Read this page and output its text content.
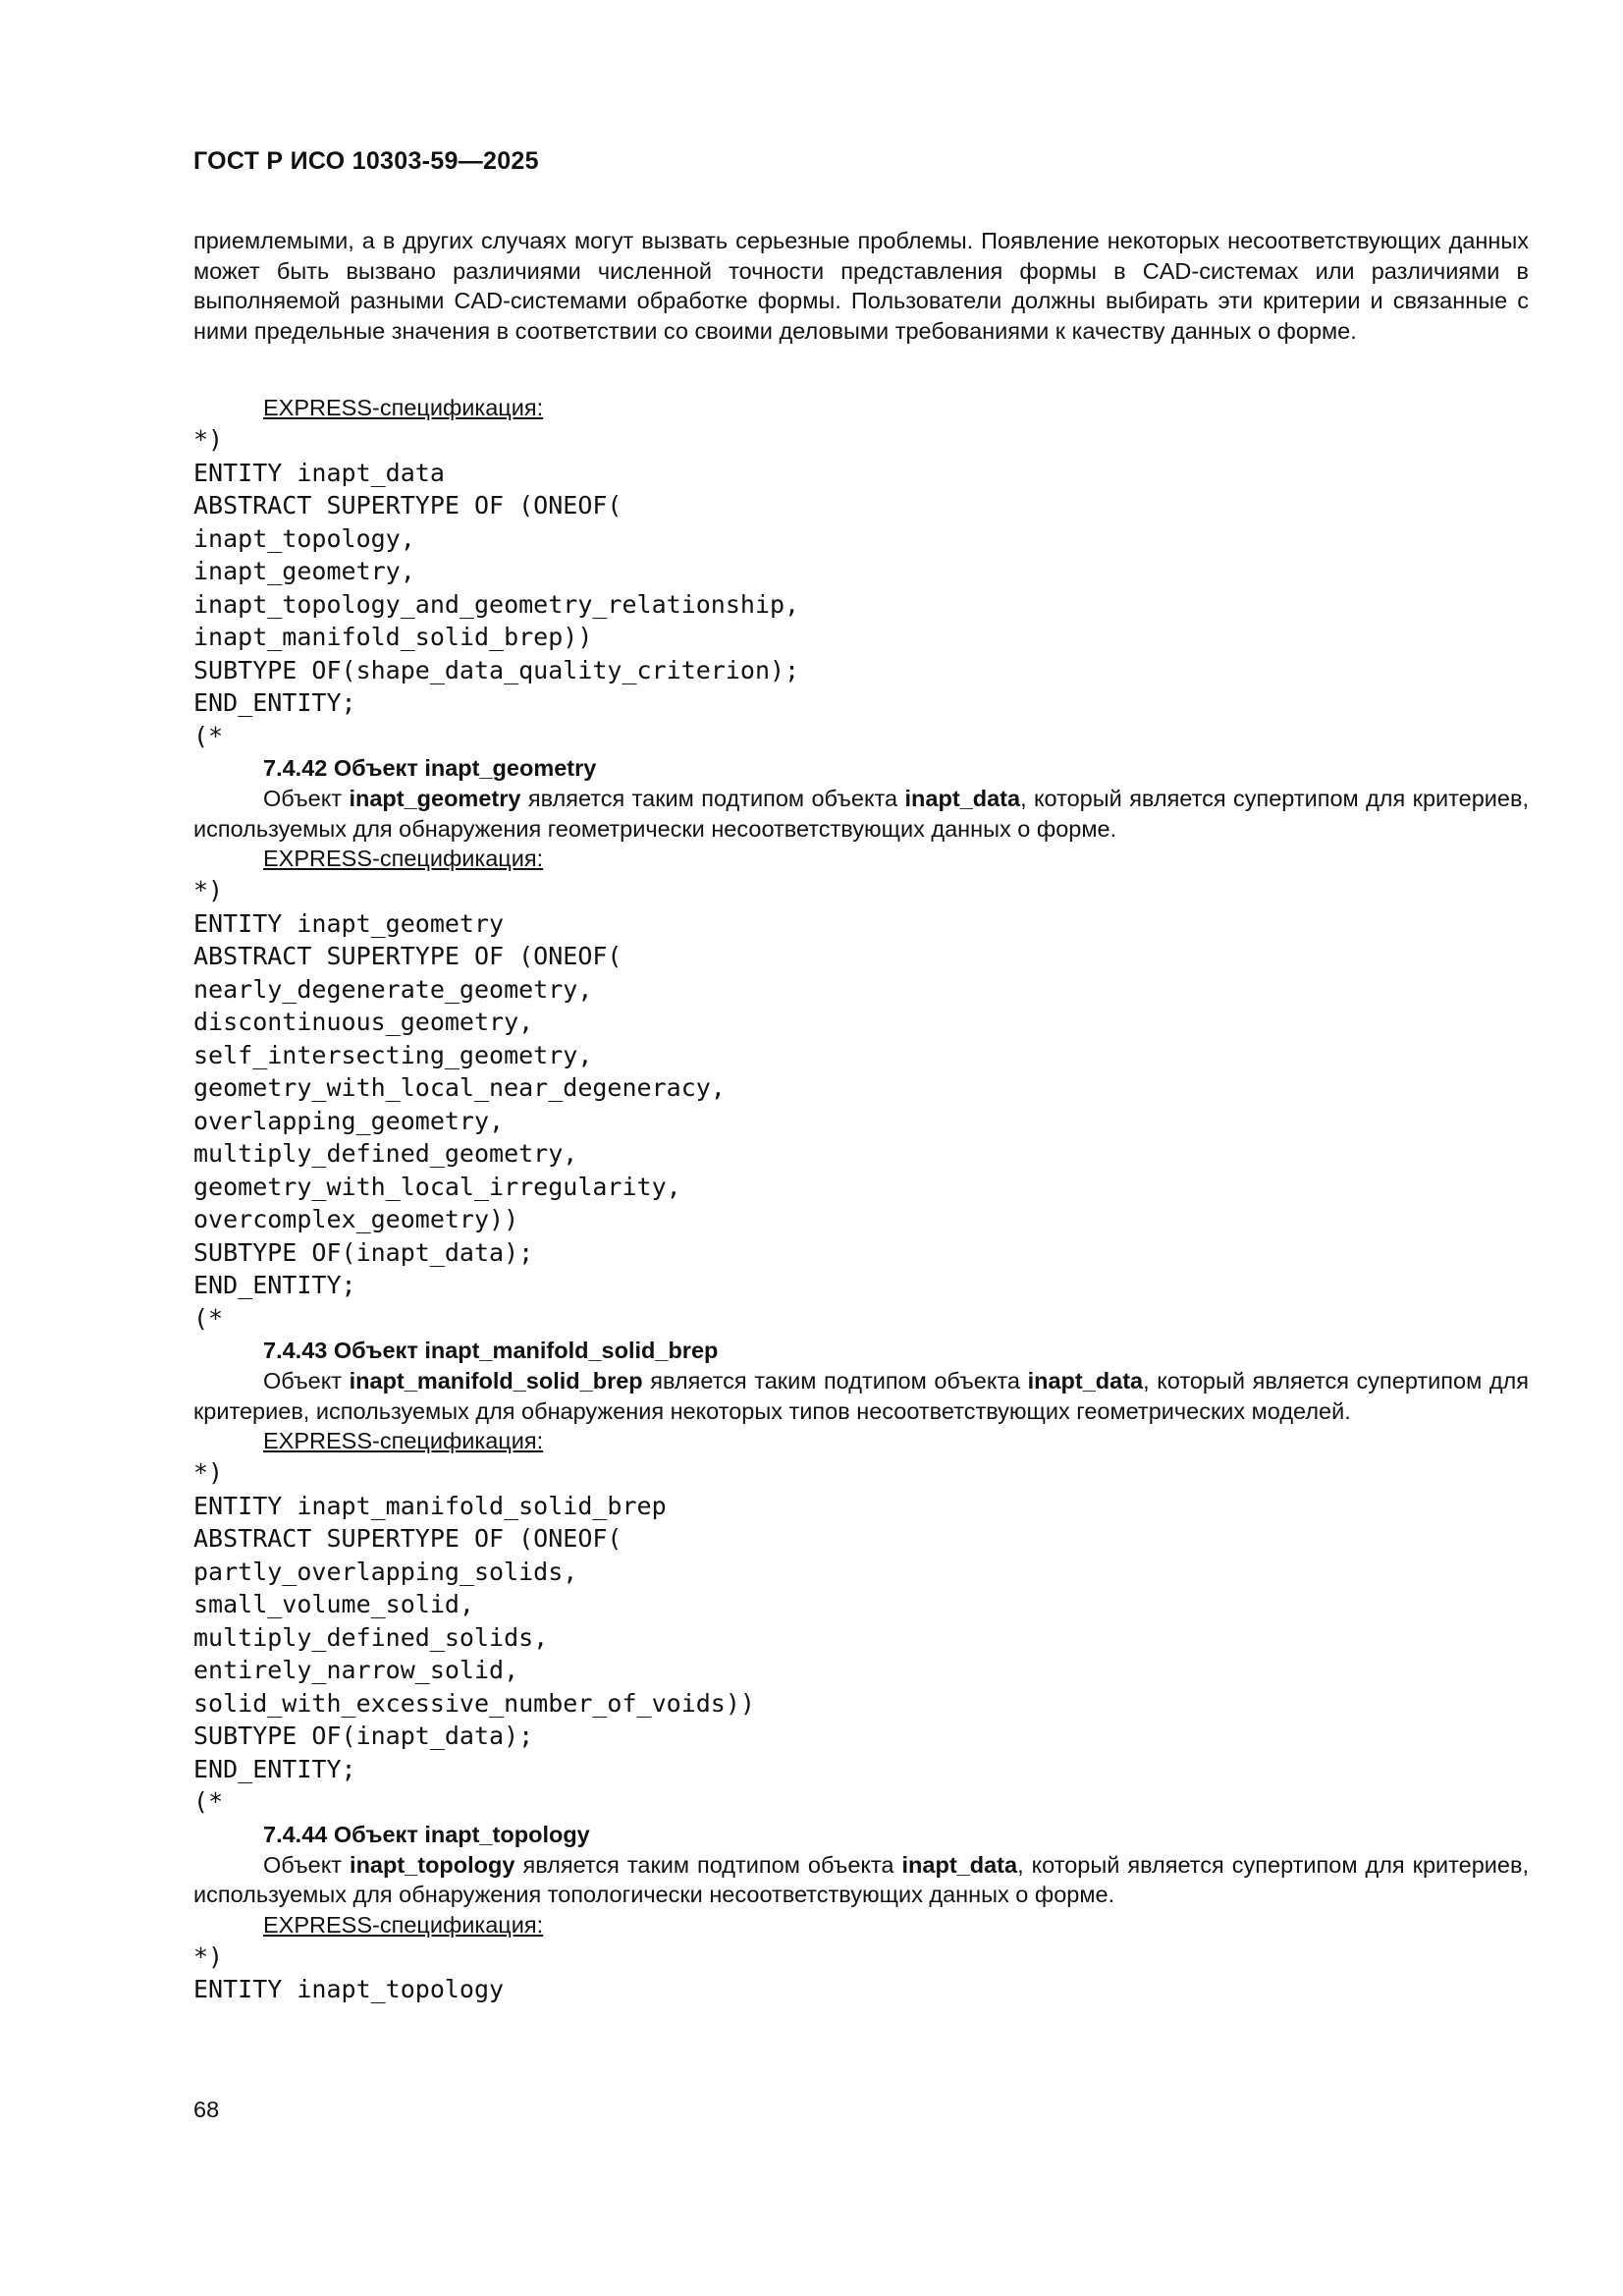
ГОСТ Р ИСО 10303-59—2025

приемлемыми, а в других случаях могут вызвать серьезные проблемы. Появление некоторых несоответствующих данных может быть вызвано различиями численной точности представления формы в CAD-системах или различиями в выполняемой разными CAD-системами обработке формы. Пользователи должны выбирать эти критерии и связанные с ними предельные значения в соответствии со своими деловыми требованиями к качеству данных о форме.

EXPRESS-спецификация:

*)
ENTITY inapt_data
ABSTRACT SUPERTYPE OF (ONEOF(
inapt_topology,
inapt_geometry,
inapt_topology_and_geometry_relationship,
inapt_manifold_solid_brep))
SUBTYPE OF(shape_data_quality_criterion);
END_ENTITY;
(*

7.4.42 Объект inapt_geometry

Объект inapt_geometry является таким подтипом объекта inapt_data, который является супертипом для критериев, используемых для обнаружения геометрически несоответствующих данных о форме.

EXPRESS-спецификация:

*)
ENTITY inapt_geometry
ABSTRACT SUPERTYPE OF (ONEOF(
nearly_degenerate_geometry,
discontinuous_geometry,
self_intersecting_geometry,
geometry_with_local_near_degeneracy,
overlapping_geometry,
multiply_defined_geometry,
geometry_with_local_irregularity,
overcomplex_geometry))
SUBTYPE OF(inapt_data);
END_ENTITY;
(*

7.4.43 Объект inapt_manifold_solid_brep

Объект inapt_manifold_solid_brep является таким подтипом объекта inapt_data, который является супертипом для критериев, используемых для обнаружения некоторых типов несоответствующих геометрических моделей.

EXPRESS-спецификация:

*)
ENTITY inapt_manifold_solid_brep
ABSTRACT SUPERTYPE OF (ONEOF(
partly_overlapping_solids,
small_volume_solid,
multiply_defined_solids,
entirely_narrow_solid,
solid_with_excessive_number_of_voids))
SUBTYPE OF(inapt_data);
END_ENTITY;
(*

7.4.44 Объект inapt_topology

Объект inapt_topology является таким подтипом объекта inapt_data, который является супертипом для критериев, используемых для обнаружения топологически несоответствующих данных о форме.

EXPRESS-спецификация:

*)
ENTITY inapt_topology
68
